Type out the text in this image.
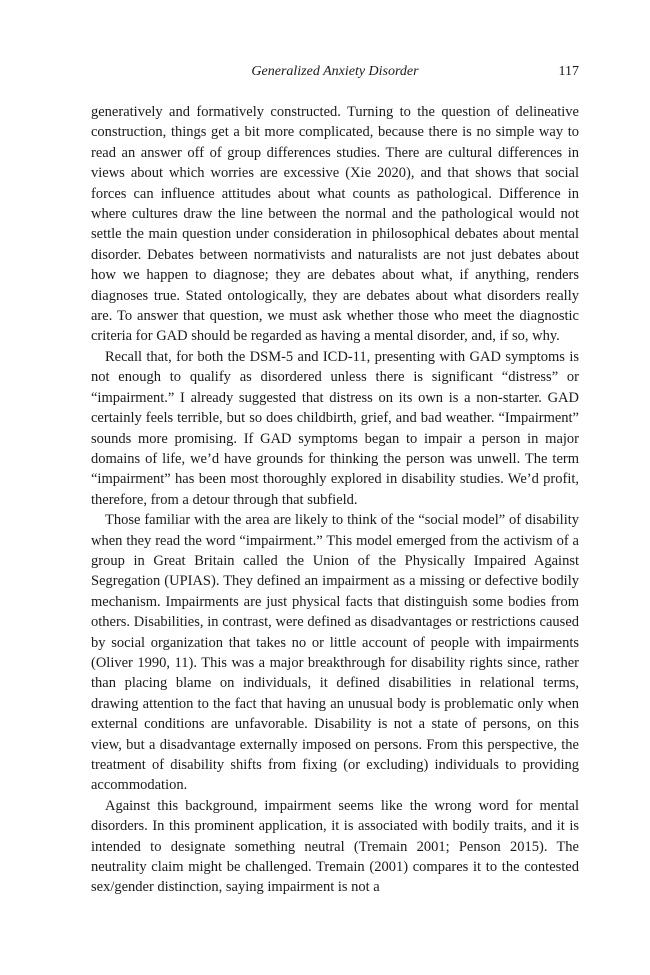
Generalized Anxiety Disorder	117

generatively and formatively constructed. Turning to the question of delineative construction, things get a bit more complicated, because there is no simple way to read an answer off of group differences studies. There are cultural differences in views about which worries are excessive (Xie 2020), and that shows that social forces can influence attitudes about what counts as pathological. Difference in where cultures draw the line between the normal and the pathological would not settle the main question under consideration in philosophical debates about mental disorder. Debates between normativists and naturalists are not just debates about how we happen to diagnose; they are debates about what, if anything, renders diagnoses true. Stated ontologically, they are debates about what disorders really are. To answer that question, we must ask whether those who meet the diagnostic criteria for GAD should be regarded as having a mental disorder, and, if so, why.

Recall that, for both the DSM-5 and ICD-11, presenting with GAD symptoms is not enough to qualify as disordered unless there is significant “distress” or “impairment.” I already suggested that distress on its own is a non-starter. GAD certainly feels terrible, but so does childbirth, grief, and bad weather. “Impairment” sounds more promising. If GAD symptoms began to impair a person in major domains of life, we’d have grounds for thinking the person was unwell. The term “impairment” has been most thoroughly explored in disability studies. We’d profit, therefore, from a detour through that subfield.

Those familiar with the area are likely to think of the “social model” of disability when they read the word “impairment.” This model emerged from the activism of a group in Great Britain called the Union of the Physically Impaired Against Segregation (UPIAS). They defined an impairment as a missing or defective bodily mechanism. Impairments are just physical facts that distinguish some bodies from others. Disabilities, in contrast, were defined as disadvantages or restrictions caused by social organization that takes no or little account of people with impairments (Oliver 1990, 11). This was a major breakthrough for disability rights since, rather than placing blame on individuals, it defined disabilities in relational terms, drawing attention to the fact that having an unusual body is problematic only when external conditions are unfavorable. Disability is not a state of persons, on this view, but a disadvantage externally imposed on persons. From this perspective, the treatment of disability shifts from fixing (or excluding) individuals to providing accommodation.

Against this background, impairment seems like the wrong word for mental disorders. In this prominent application, it is associated with bodily traits, and it is intended to designate something neutral (Tremain 2001; Penson 2015). The neutrality claim might be challenged. Tremain (2001) compares it to the contested sex/gender distinction, saying impairment is not a
